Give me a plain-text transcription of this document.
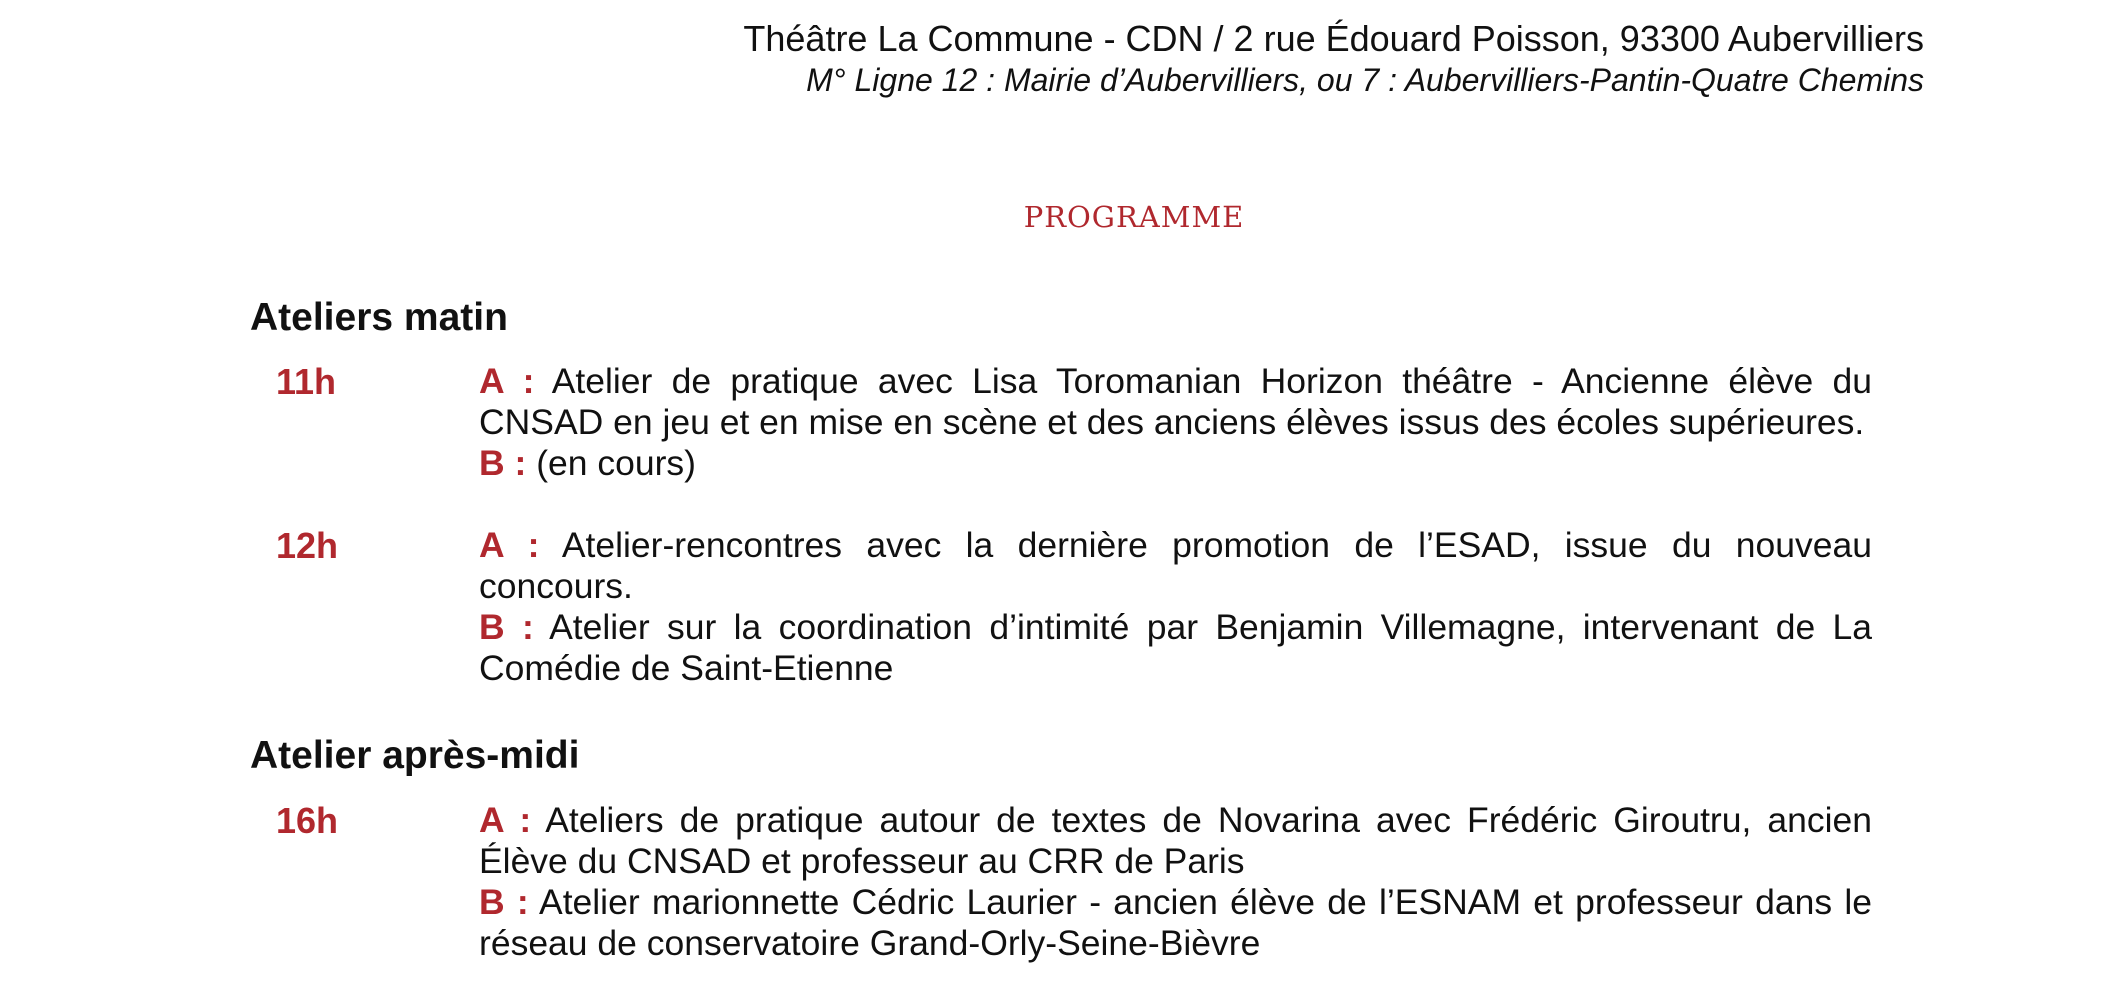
Théâtre La Commune - CDN / 2 rue Édouard Poisson, 93300 Aubervilliers
M° Ligne 12 : Mairie d’Aubervilliers, ou 7 : Aubervilliers-Pantin-Quatre Chemins
programme
Ateliers matin
11h	A : Atelier de pratique avec Lisa Toromanian Horizon théâtre - Ancienne élève du CNSAD en jeu et en mise en scène et des anciens élèves issus des écoles supérieures.

B : (en cours)

12h	A : Atelier-rencontres avec la dernière promotion de l’ESAD, issue du nouveau concours.

B : Atelier sur la coordination d’intimité par Benjamin Villemagne, intervenant de La Comédie de Saint-Etienne

Atelier après-midi
16h	A : Ateliers de pratique autour de textes de Novarina avec Frédéric Giroutru, ancien Élève du CNSAD et professeur au CRR de Paris

B : Atelier marionnette Cédric Laurier - ancien élève de l’ESNAM et professeur dans le réseau de conservatoire Grand-Orly-Seine-Bièvre
